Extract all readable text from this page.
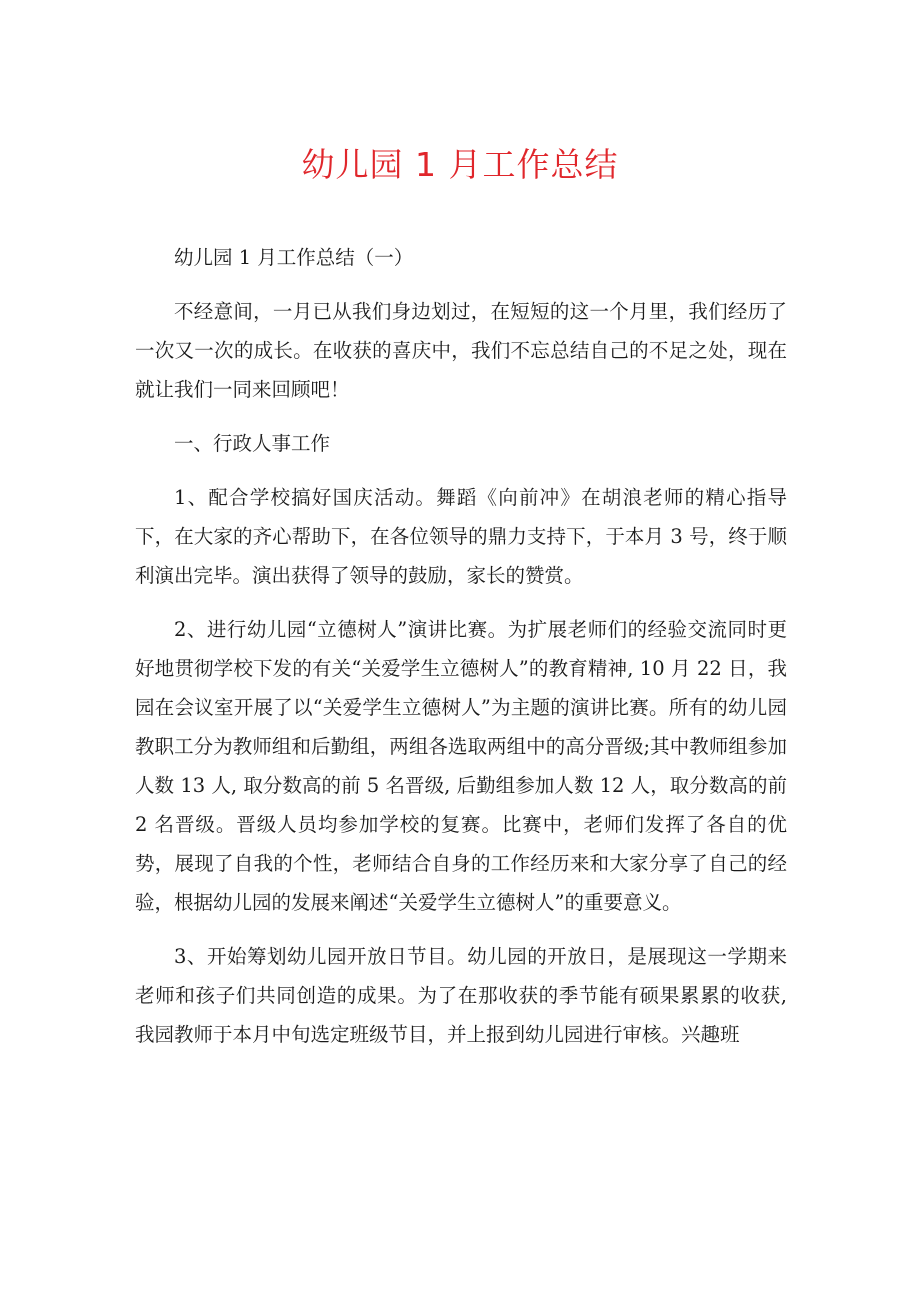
幼儿园 1 月工作总结

幼儿园 1 月工作总结（一）

不经意间，一月已从我们身边划过，在短短的这一个月里，我们经历了一次又一次的成长。在收获的喜庆中，我们不忘总结自己的不足之处，现在就让我们一同来回顾吧！

一、行政人事工作

1、配合学校搞好国庆活动。舞蹈《向前冲》在胡浪老师的精心指导下，在大家的齐心帮助下，在各位领导的鼎力支持下，于本月 3 号，终于顺利演出完毕。演出获得了领导的鼓励，家长的赞赏。

2、进行幼儿园“立德树人”演讲比赛。为扩展老师们的经验交流同时更好地贯彻学校下发的有关“关爱学生立德树人”的教育精神, 10 月 22 日，我园在会议室开展了以“关爱学生立德树人”为主题的演讲比赛。所有的幼儿园教职工分为教师组和后勤组，两组各选取两组中的高分晋级;其中教师组参加人数 13 人, 取分数高的前 5 名晋级, 后勤组参加人数 12 人，取分数高的前 2 名晋级。晋级人员均参加学校的复赛。比赛中，老师们发挥了各自的优势，展现了自我的个性，老师结合自身的工作经历来和大家分享了自己的经验，根据幼儿园的发展来阐述“关爱学生立德树人”的重要意义。

3、开始筹划幼儿园开放日节目。幼儿园的开放日，是展现这一学期来老师和孩子们共同创造的成果。为了在那收获的季节能有硕果累累的收获, 我园教师于本月中旬选定班级节目，并上报到幼儿园进行审核。兴趣班
